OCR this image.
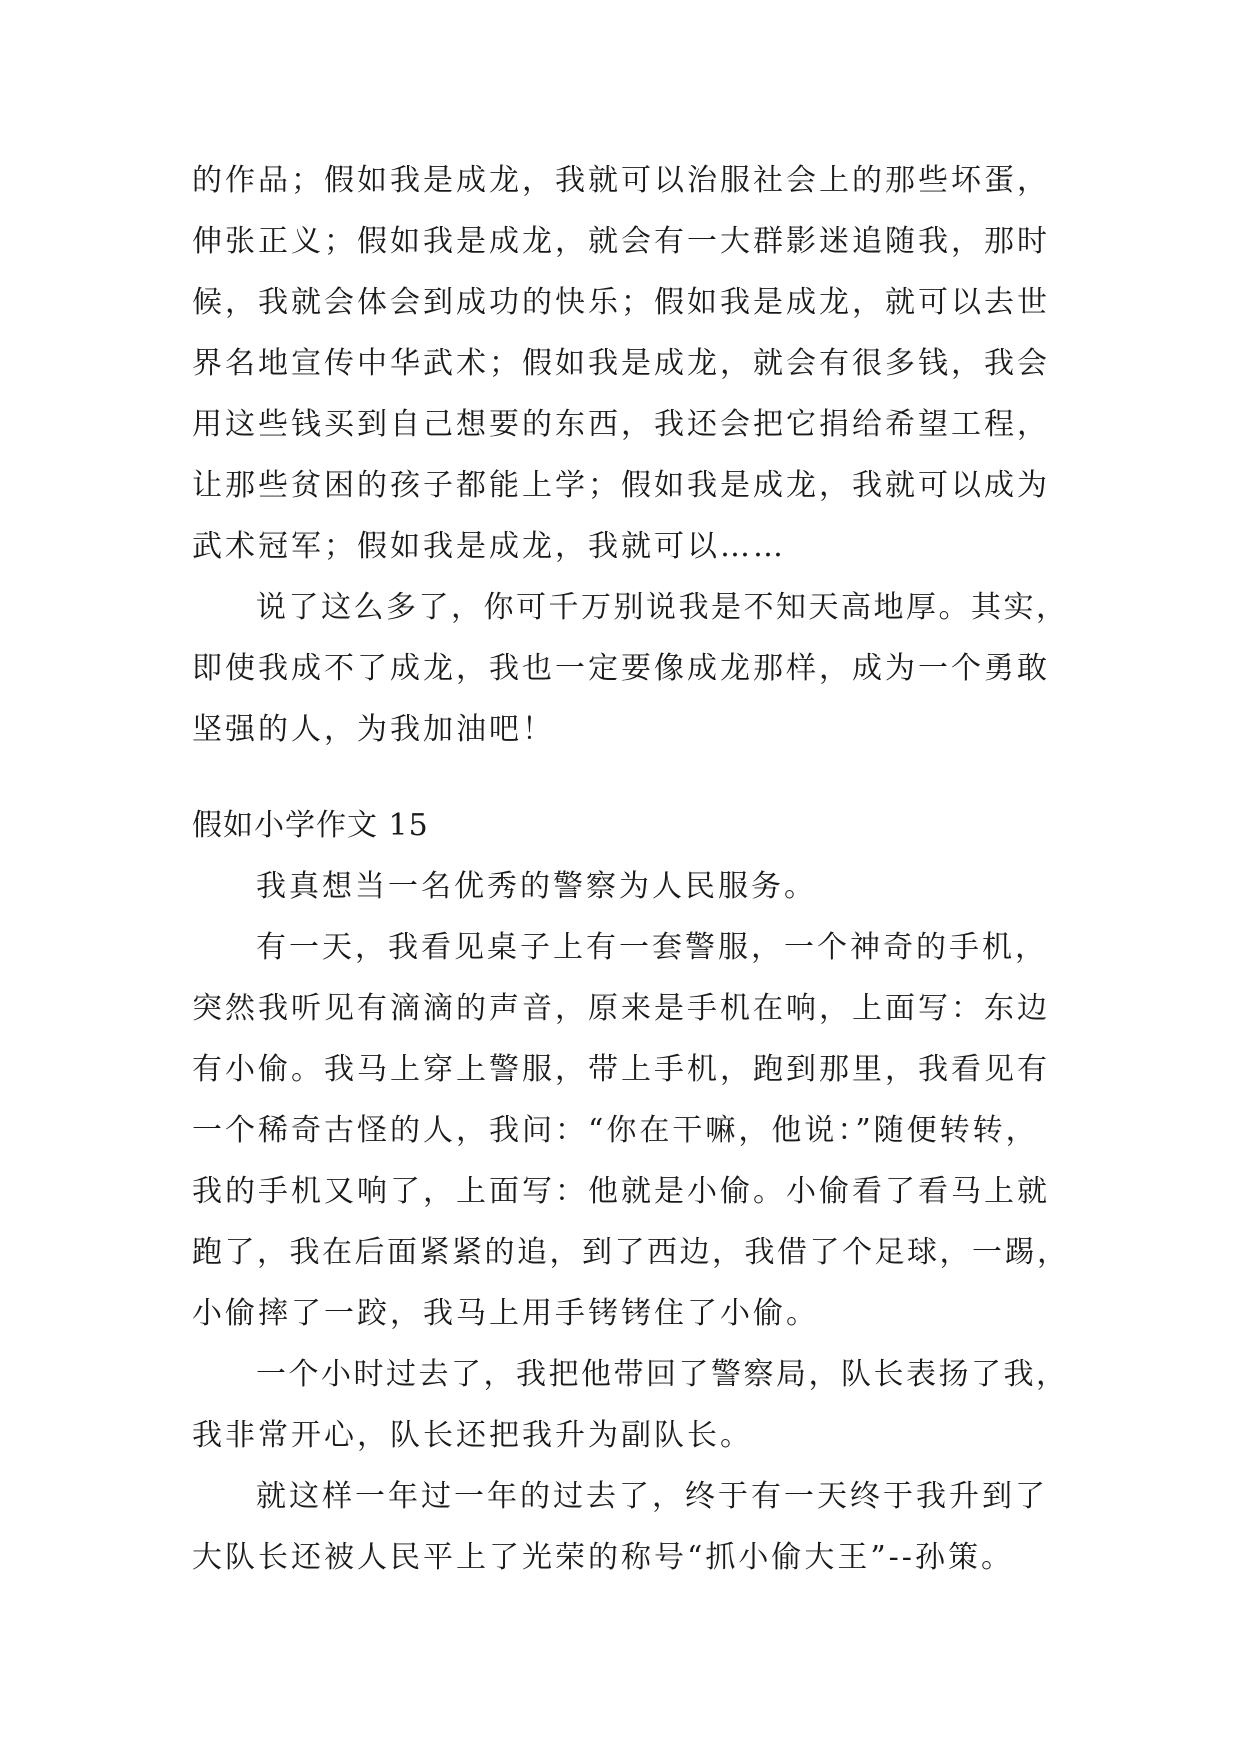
的作品；假如我是成龙，我就可以治服社会上的那些坏蛋，
伸张正义；假如我是成龙，就会有一大群影迷追随我，那时
候，我就会体会到成功的快乐；假如我是成龙，就可以去世
界名地宣传中华武术；假如我是成龙，就会有很多钱，我会
用这些钱买到自己想要的东西，我还会把它捐给希望工程，
让那些贫困的孩子都能上学；假如我是成龙，我就可以成为
武术冠军；假如我是成龙，我就可以……
说了这么多了，你可千万别说我是不知天高地厚。其实，
即使我成不了成龙，我也一定要像成龙那样，成为一个勇敢
坚强的人，为我加油吧！
假如小学作文 15
我真想当一名优秀的警察为人民服务。
有一天，我看见桌子上有一套警服，一个神奇的手机，
突然我听见有滴滴的声音，原来是手机在响，上面写：东边
有小偷。我马上穿上警服，带上手机，跑到那里，我看见有
一个稀奇古怪的人，我问：“你在干嘛，他说：”随便转转，
我的手机又响了，上面写：他就是小偷。小偷看了看马上就
跑了，我在后面紧紧的追，到了西边，我借了个足球，一踢，
小偷摔了一跤，我马上用手铐铐住了小偷。
一个小时过去了，我把他带回了警察局，队长表扬了我，
我非常开心，队长还把我升为副队长。
就这样一年过一年的过去了，终于有一天终于我升到了
大队长还被人民平上了光荣的称号“抓小偷大王”--孙策。
